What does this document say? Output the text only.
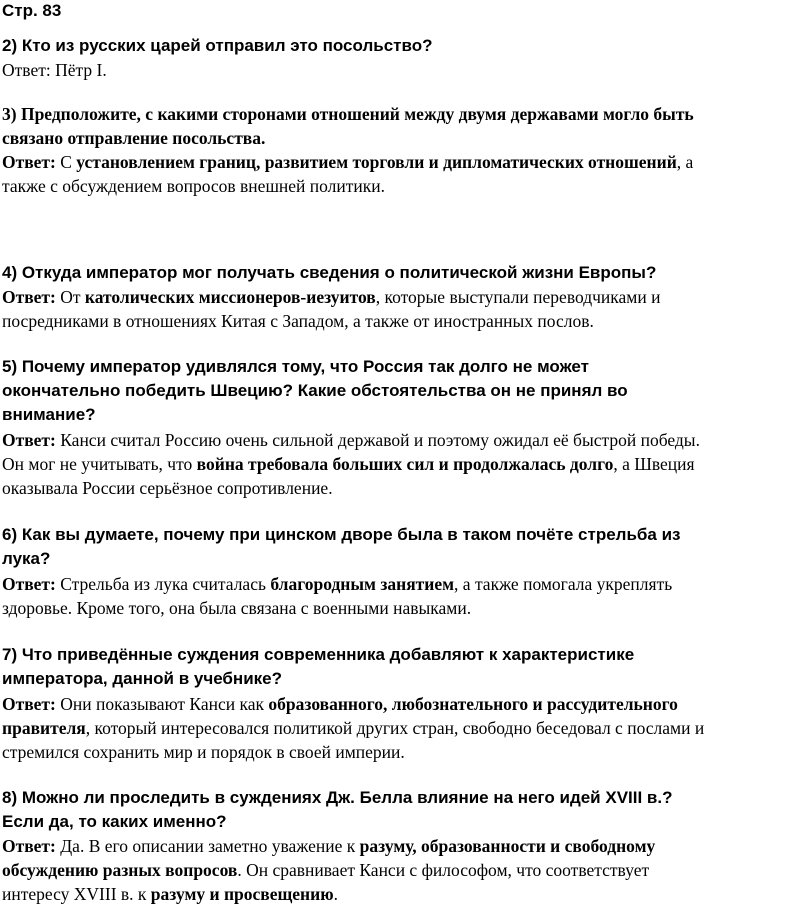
Стр. 83
2) Кто из русских царей отправил это посольство?
Ответ: Пётр I.
3) Предположите, с какими сторонами отношений между двумя державами могло быть
связано отправление посольства.
Ответ: С установлением границ, развитием торговли и дипломатических отношений, а
также с обсуждением вопросов внешней политики.
4) Откуда император мог получать сведения о политической жизни Европы?
Ответ: От католических миссионеров-иезуитов, которые выступали переводчиками и
посредниками в отношениях Китая с Западом, а также от иностранных послов.
5) Почему император удивлялся тому, что Россия так долго не может
окончательно победить Швецию? Какие обстоятельства он не принял во
внимание?
Ответ: Канси считал Россию очень сильной державой и поэтому ожидал её быстрой победы.
Он мог не учитывать, что война требовала больших сил и продолжалась долго, а Швеция
оказывала России серьёзное сопротивление.
6) Как вы думаете, почему при цинском дворе была в таком почёте стрельба из
лука?
Ответ: Стрельба из лука считалась благородным занятием, а также помогала укреплять
здоровье. Кроме того, она была связана с военными навыками.
7) Что приведённые суждения современника добавляют к характеристике
императора, данной в учебнике?
Ответ: Они показывают Канси как образованного, любознательного и рассудительного
правителя, который интересовался политикой других стран, свободно беседовал с послами и
стремился сохранить мир и порядок в своей империи.
8) Можно ли проследить в суждениях Дж. Белла влияние на него идей XVIII в.?
Если да, то каких именно?
Ответ: Да. В его описании заметно уважение к разуму, образованности и свободному
обсуждению разных вопросов. Он сравнивает Канси с философом, что соответствует
интересу XVIII в. к разуму и просвещению.
